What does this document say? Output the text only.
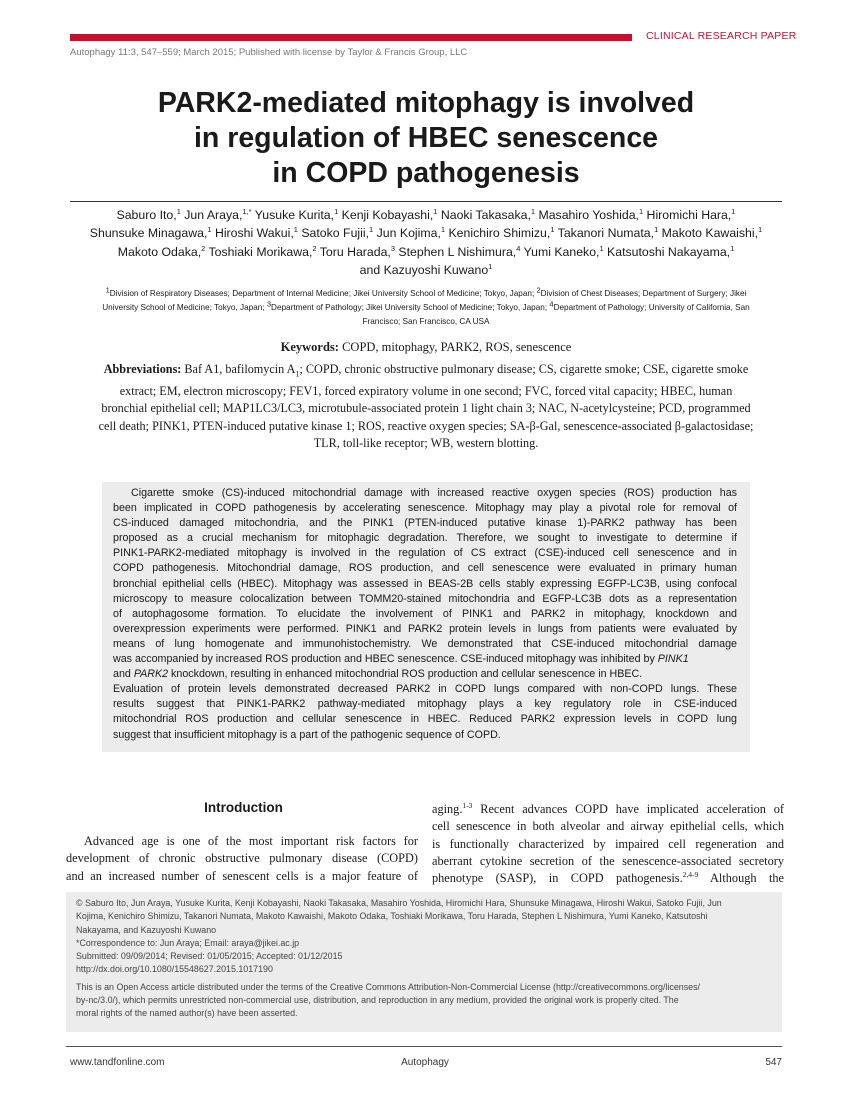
CLINICAL RESEARCH PAPER
Autophagy 11:3, 547–559; March 2015; Published with license by Taylor & Francis Group, LLC
PARK2-mediated mitophagy is involved
in regulation of HBEC senescence
in COPD pathogenesis
Saburo Ito,$^1$ Jun Araya,$^{1,*}$ Yusuke Kurita,$^1$ Kenji Kobayashi,$^1$ Naoki Takasaka,$^1$ Masahiro Yoshida,$^1$ Hiromichi Hara,$^1$
Shunsuke Minagawa,$^1$ Hiroshi Wakui,$^1$ Satoko Fujii,$^1$ Jun Kojima,$^1$ Kenichiro Shimizu,$^1$ Takanori Numata,$^1$ Makoto Kawaishi,$^1$
Makoto Odaka,$^2$ Toshiaki Morikawa,$^2$ Toru Harada,$^3$ Stephen L Nishimura,$^4$ Yumi Kaneko,$^1$ Katsutoshi Nakayama,$^1$
and Kazuyoshi Kuwano$^1$
$^1$Division of Respiratory Diseases; Department of Internal Medicine; Jikei University School of Medicine; Tokyo, Japan; $^2$Division of Chest Diseases; Department of Surgery; Jikei
University School of Medicine; Tokyo, Japan; $^3$Department of Pathology; Jikei University School of Medicine; Tokyo, Japan; $^4$Department of Pathology; University of California, San
Francisco; San Francisco, CA USA
Keywords: COPD, mitophagy, PARK2, ROS, senescence
Abbreviations: Baf A1, bafilomycin $A_1$; COPD, chronic obstructive pulmonary disease; CS, cigarette smoke; CSE, cigarette smoke
extract; EM, electron microscopy; FEV1, forced expiratory volume in one second; FVC, forced vital capacity; HBEC, human
bronchial epithelial cell; MAP1LC3/LC3, microtubule-associated protein 1 light chain 3; NAC, N-acetylcysteine; PCD, programmed
cell death; PINK1, PTEN-induced putative kinase 1; ROS, reactive oxygen species; SA-β-Gal, senescence-associated β-galactosidase;
TLR, toll-like receptor; WB, western blotting.
Cigarette smoke (CS)-induced mitochondrial damage with increased reactive oxygen species (ROS) production has
been implicated in COPD pathogenesis by accelerating senescence. Mitophagy may play a pivotal role for removal of
CS-induced damaged mitochondria, and the PINK1 (PTEN-induced putative kinase 1)-PARK2 pathway has been
proposed as a crucial mechanism for mitophagic degradation. Therefore, we sought to investigate to determine if
PINK1-PARK2-mediated mitophagy is involved in the regulation of CS extract (CSE)-induced cell senescence and in
COPD pathogenesis. Mitochondrial damage, ROS production, and cell senescence were evaluated in primary human
bronchial epithelial cells (HBEC). Mitophagy was assessed in BEAS-2B cells stably expressing EGFP-LC3B, using confocal
microscopy to measure colocalization between TOMM20-stained mitochondria and EGFP-LC3B dots as a representation
of autophagosome formation. To elucidate the involvement of PINK1 and PARK2 in mitophagy, knockdown and
overexpression experiments were performed. PINK1 and PARK2 protein levels in lungs from patients were evaluated by
means of lung homogenate and immunohistochemistry. We demonstrated that CSE-induced mitochondrial damage
was accompanied by increased ROS production and HBEC senescence. CSE-induced mitophagy was inhibited by PINK1
and PARK2 knockdown, resulting in enhanced mitochondrial ROS production and cellular senescence in HBEC.
Evaluation of protein levels demonstrated decreased PARK2 in COPD lungs compared with non-COPD lungs. These
results suggest that PINK1-PARK2 pathway-mediated mitophagy plays a key regulatory role in CSE-induced
mitochondrial ROS production and cellular senescence in HBEC. Reduced PARK2 expression levels in COPD lung
suggest that insufficient mitophagy is a part of the pathogenic sequence of COPD.
Introduction
Advanced age is one of the most important risk factors for
development of chronic obstructive pulmonary disease (COPD)
and an increased number of senescent cells is a major feature of
aging.$^{1-3}$ Recent advances COPD have implicated acceleration of
cell senescence in both alveolar and airway epithelial cells, which
is functionally characterized by impaired cell regeneration and
aberrant cytokine secretion of the senescence-associated secretory
phenotype (SASP), in COPD pathogenesis.$^{2,4-9}$ Although the
© Saburo Ito, Jun Araya, Yusuke Kurita, Kenji Kobayashi, Naoki Takasaka, Masahiro Yoshida, Hiromichi Hara, Shunsuke Minagawa, Hiroshi Wakui, Satoko Fujii, Jun
Kojima, Kenichiro Shimizu, Takanori Numata, Makoto Kawaishi, Makoto Odaka, Toshiaki Morikawa, Toru Harada, Stephen L Nishimura, Yumi Kaneko, Katsutoshi
Nakayama, and Kazuyoshi Kuwano
*Correspondence to: Jun Araya; Email: araya@jikei.ac.jp
Submitted: 09/09/2014; Revised: 01/05/2015; Accepted: 01/12/2015
http://dx.doi.org/10.1080/15548627.2015.1017190
This is an Open Access article distributed under the terms of the Creative Commons Attribution-Non-Commercial License (http://creativecommons.org/licenses/
by-nc/3.0/), which permits unrestricted non-commercial use, distribution, and reproduction in any medium, provided the original work is properly cited. The
moral rights of the named author(s) have been asserted.
www.tandfonline.com	Autophagy	547
